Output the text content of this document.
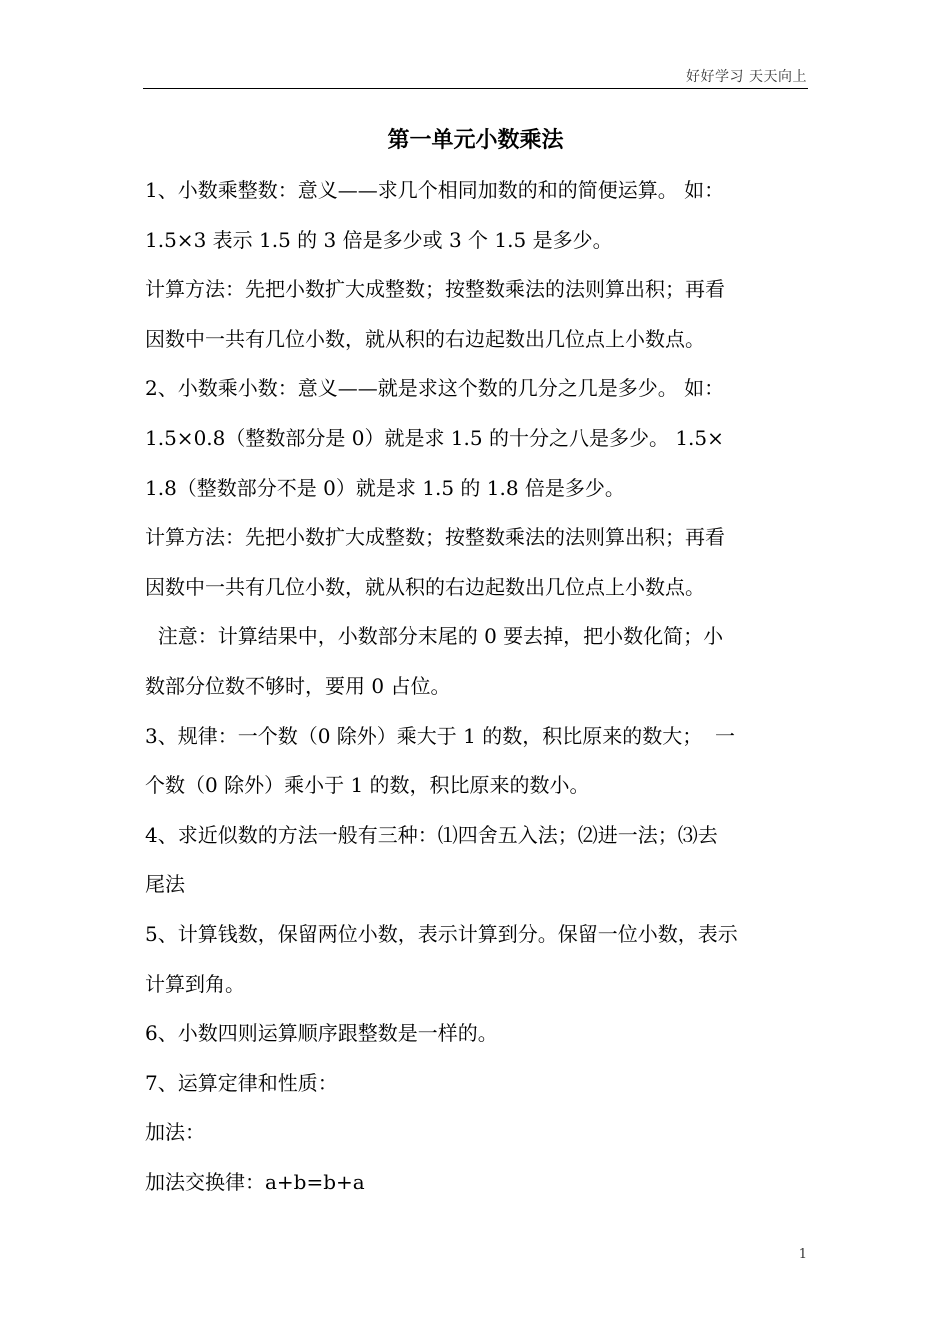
好好学习 天天向上
第一单元小数乘法
1、小数乘整数：意义——求几个相同加数的和的简便运算。 如：
1.5×3 表示 1.5 的 3 倍是多少或 3 个 1.5 是多少。
计算方法：先把小数扩大成整数；按整数乘法的法则算出积；再看
因数中一共有几位小数，就从积的右边起数出几位点上小数点。
2、小数乘小数：意义——就是求这个数的几分之几是多少。 如：
1.5×0.8（整数部分是 0）就是求 1.5 的十分之八是多少。 1.5×
1.8（整数部分不是 0）就是求 1.5 的 1.8 倍是多少。
计算方法：先把小数扩大成整数；按整数乘法的法则算出积；再看
因数中一共有几位小数，就从积的右边起数出几位点上小数点。
注意：计算结果中，小数部分末尾的 0 要去掉，把小数化简；小
数部分位数不够时，要用 0 占位。
3、规律：一个数（0 除外）乘大于 1 的数，积比原来的数大；  一
个数（0 除外）乘小于 1 的数，积比原来的数小。
4、求近似数的方法一般有三种：⑴四舍五入法；⑵进一法；⑶去
尾法
5、计算钱数，保留两位小数，表示计算到分。保留一位小数，表示
计算到角。
6、小数四则运算顺序跟整数是一样的。
7、运算定律和性质：
加法：
加法交换律：a+b=b+a
1
